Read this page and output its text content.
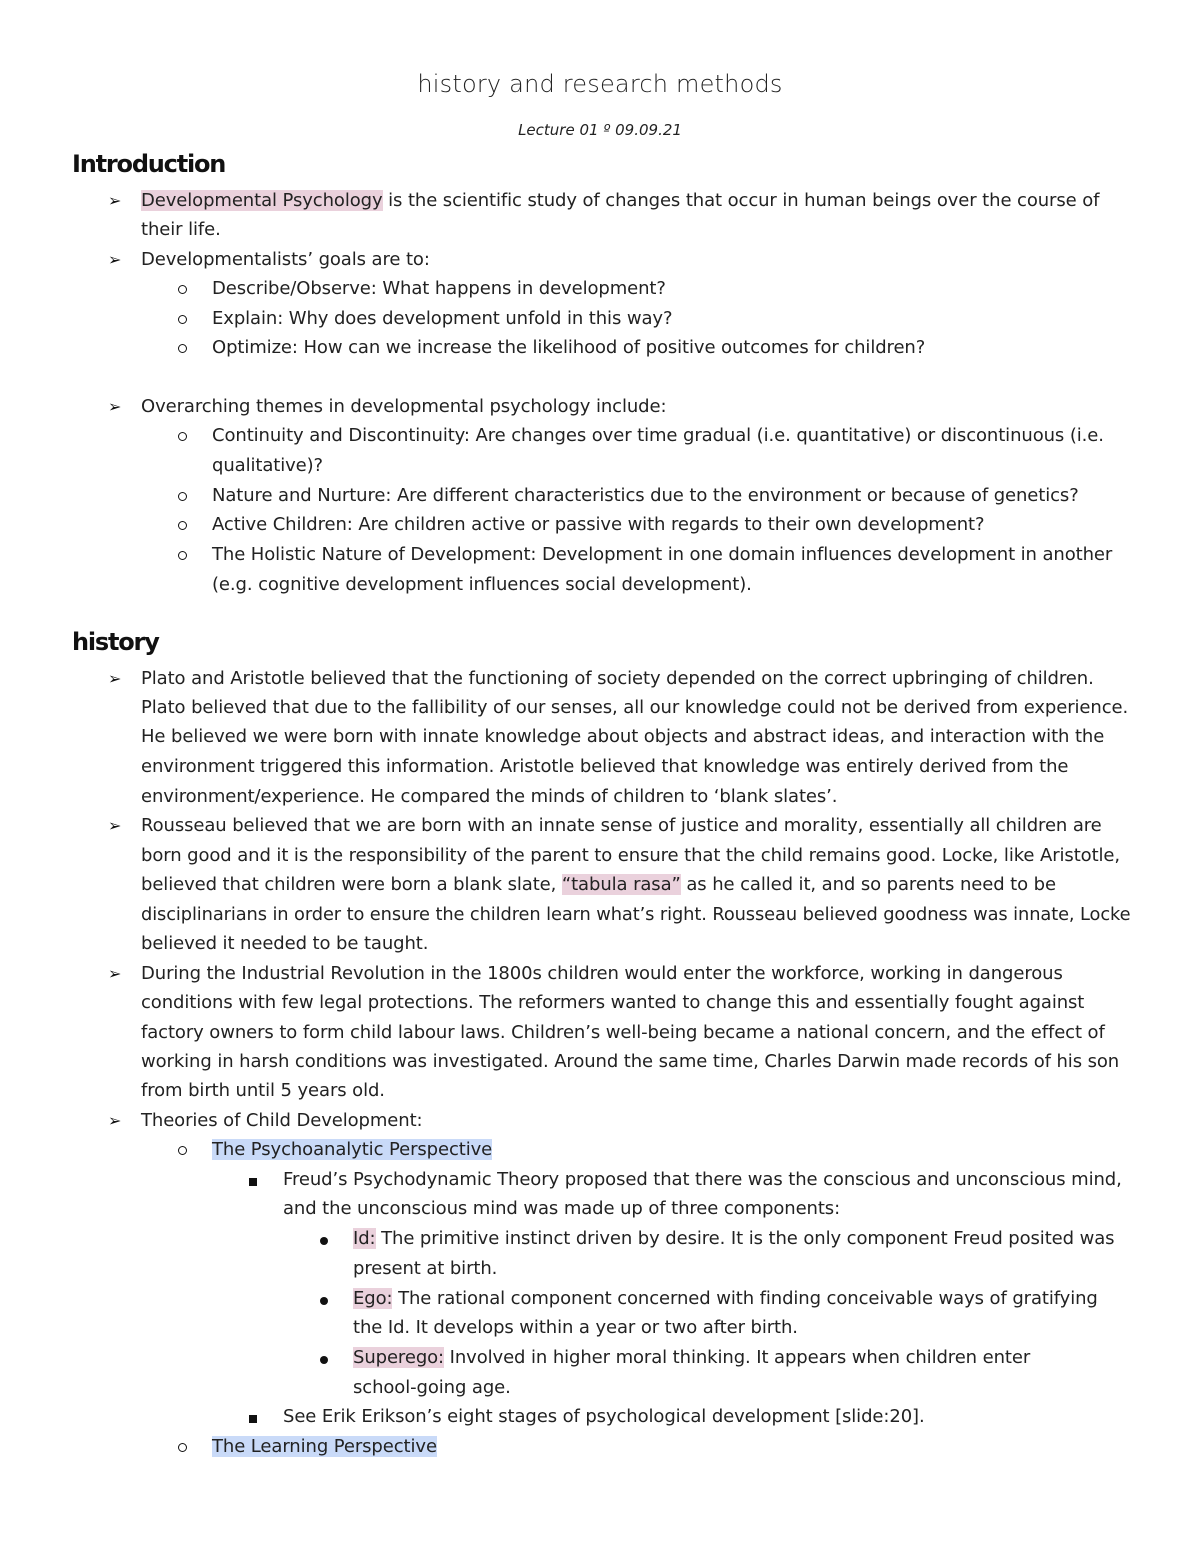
history and research methods
Lecture 01 º 09.09.21
Introduction
➢ Developmental Psychology is the scientific study of changes that occur in human beings over the course of
their life.
➢ Developmentalists’ goals are to:
Describe/Observe: What happens in development?
Explain: Why does development unfold in this way?
Optimize: How can we increase the likelihood of positive outcomes for children?
➢ Overarching themes in developmental psychology include:
Continuity and Discontinuity: Are changes over time gradual (i.e. quantitative) or discontinuous (i.e.
qualitative)?
Nature and Nurture: Are different characteristics due to the environment or because of genetics?
Active Children: Are children active or passive with regards to their own development?
The Holistic Nature of Development: Development in one domain influences development in another
(e.g. cognitive development influences social development).
history
➢ Plato and Aristotle believed that the functioning of society depended on the correct upbringing of children.
Plato believed that due to the fallibility of our senses, all our knowledge could not be derived from experience.
He believed we were born with innate knowledge about objects and abstract ideas, and interaction with the
environment triggered this information. Aristotle believed that knowledge was entirely derived from the
environment/experience. He compared the minds of children to ‘blank slates’.
➢ Rousseau believed that we are born with an innate sense of justice and morality, essentially all children are
born good and it is the responsibility of the parent to ensure that the child remains good. Locke, like Aristotle,
believed that children were born a blank slate, “tabula rasa” as he called it, and so parents need to be
disciplinarians in order to ensure the children learn what’s right. Rousseau believed goodness was innate, Locke
believed it needed to be taught.
➢ During the Industrial Revolution in the 1800s children would enter the workforce, working in dangerous
conditions with few legal protections. The reformers wanted to change this and essentially fought against
factory owners to form child labour laws. Children’s well-being became a national concern, and the effect of
working in harsh conditions was investigated. Around the same time, Charles Darwin made records of his son
from birth until 5 years old.
➢ Theories of Child Development:
The Psychoanalytic Perspective
Freud’s Psychodynamic Theory proposed that there was the conscious and unconscious mind,
and the unconscious mind was made up of three components:
Id: The primitive instinct driven by desire. It is the only component Freud posited was
present at birth.
Ego: The rational component concerned with finding conceivable ways of gratifying
the Id. It develops within a year or two after birth.
Superego: Involved in higher moral thinking. It appears when children enter
school-going age.
See Erik Erikson’s eight stages of psychological development [slide:20].
The Learning Perspective
